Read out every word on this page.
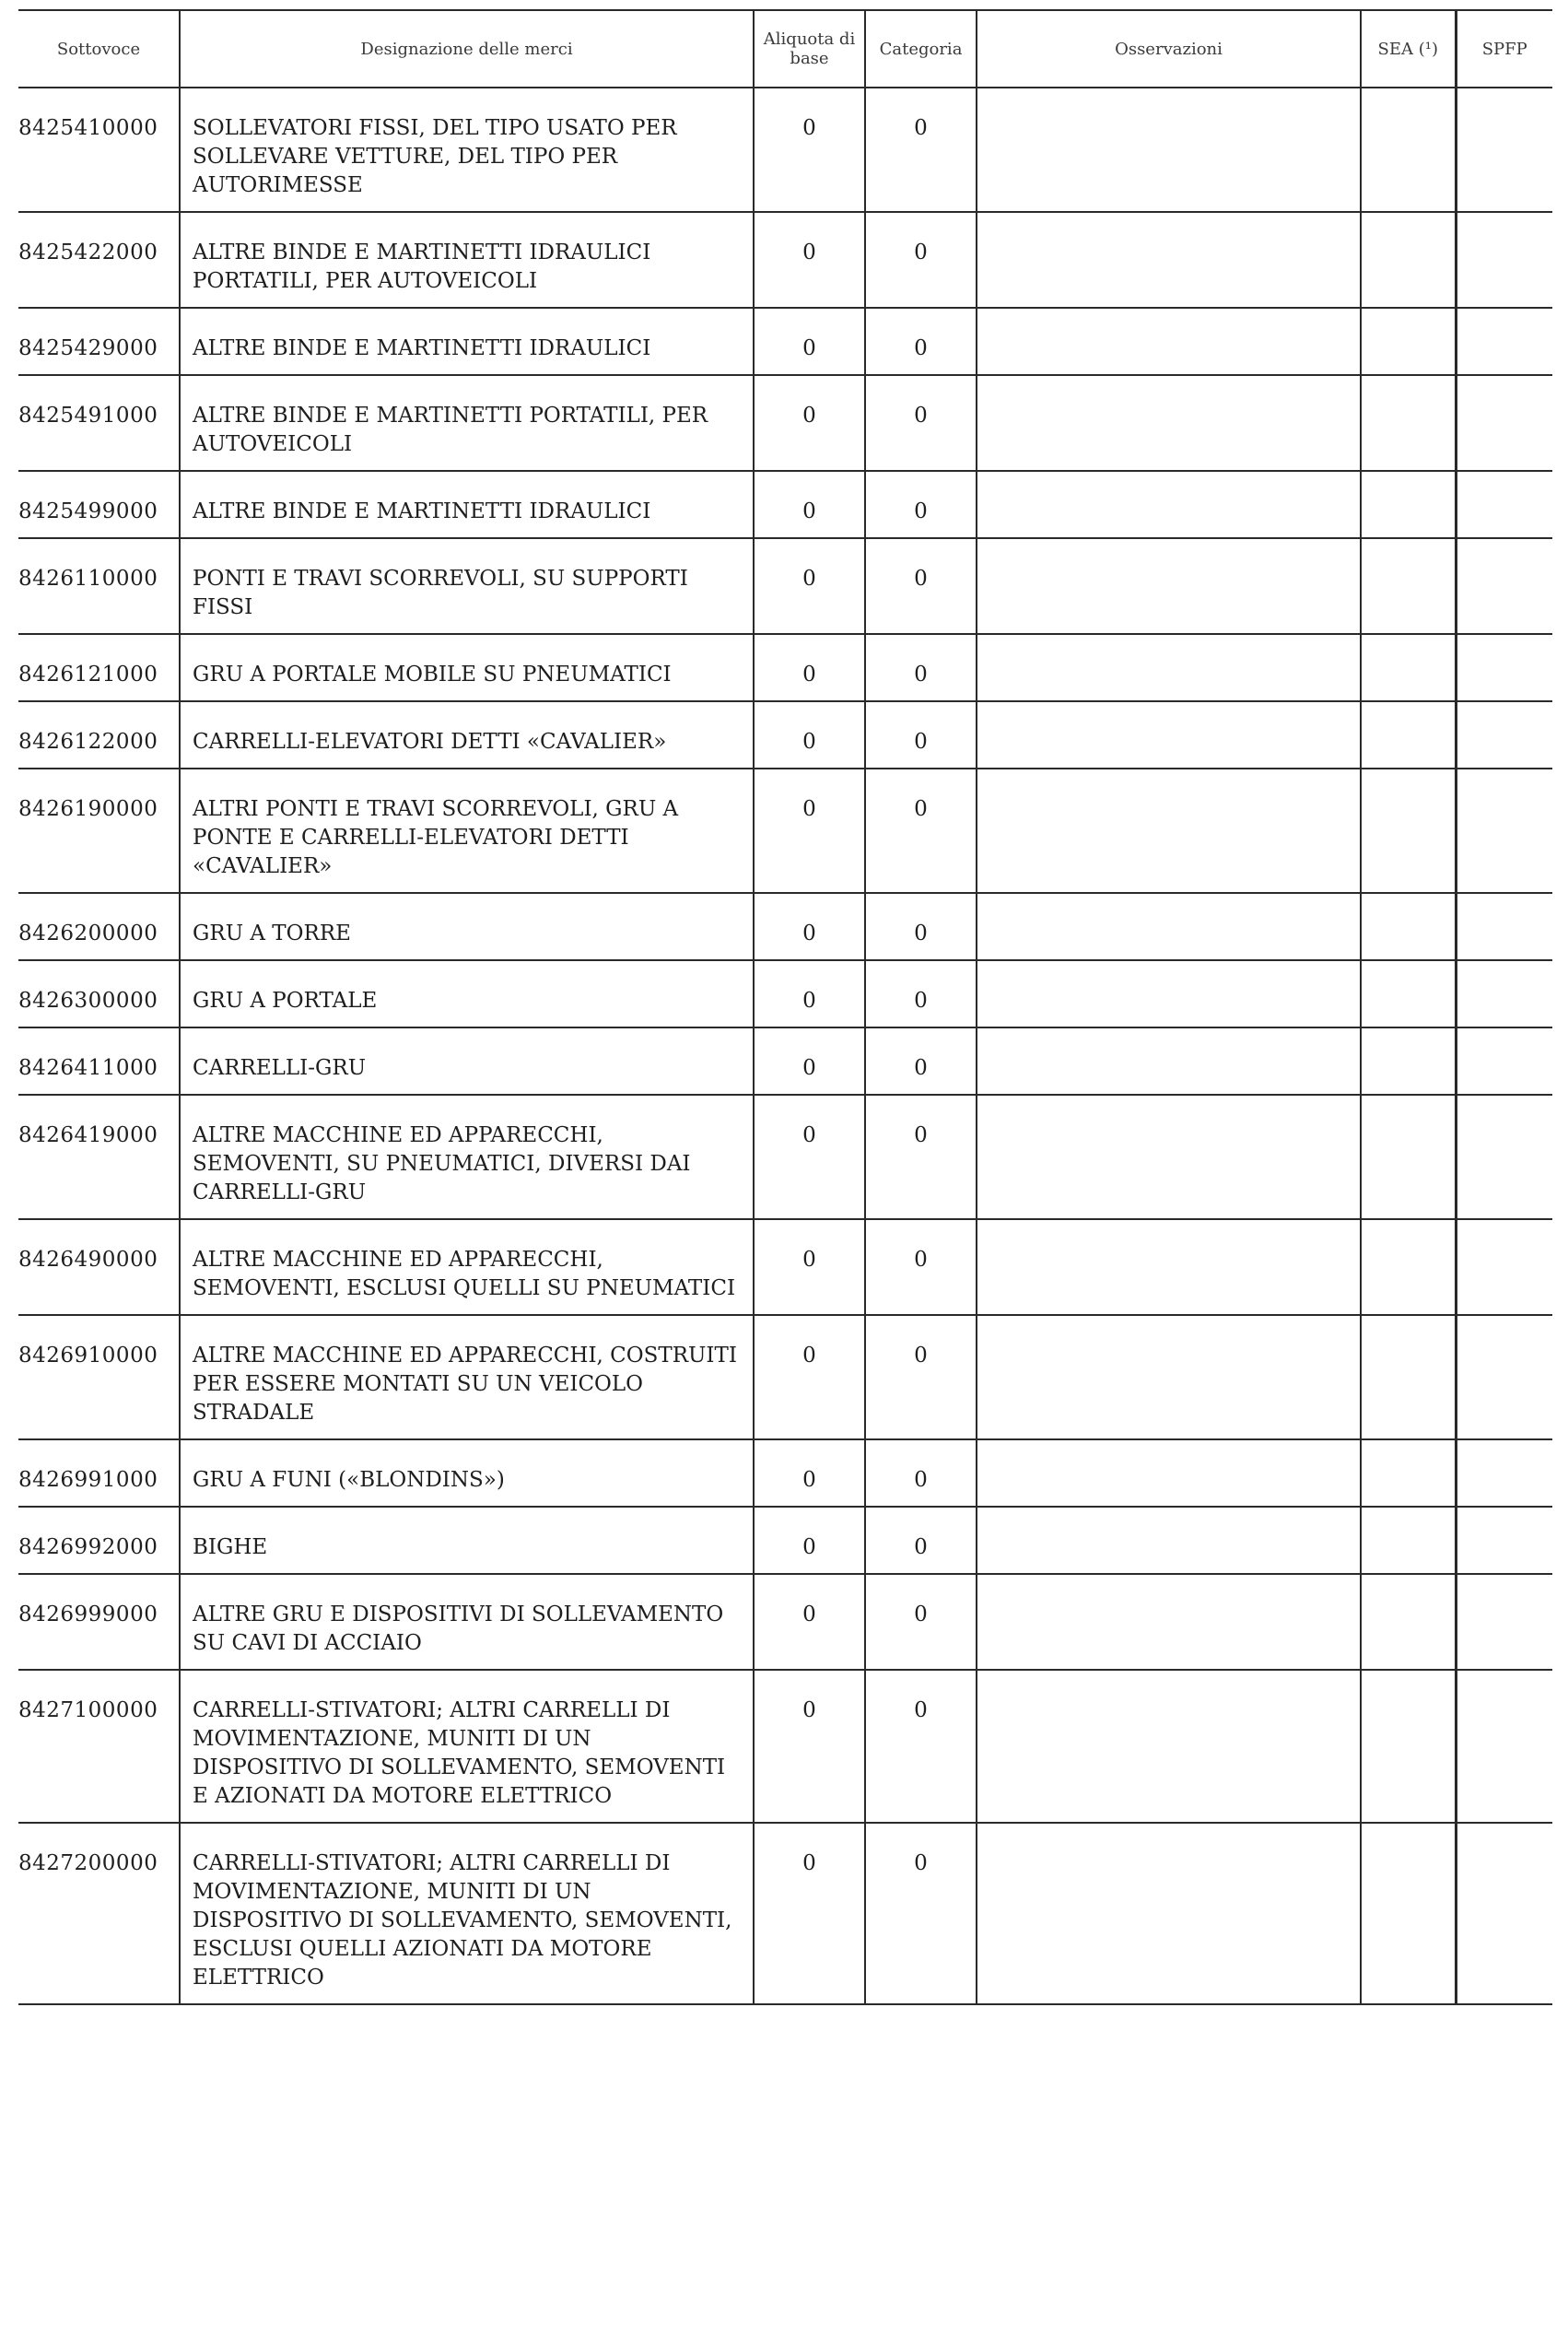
Sottovoce	Designazione delle merci	Aliquota di base	Categoria	Osservazioni	SEA (¹)	SPFP
8425410000	SOLLEVATORI FISSI, DEL TIPO USATO PER SOLLEVARE VETTURE, DEL TIPO PER AUTORIMESSE	0	0			
8425422000	ALTRE BINDE E MARTINETTI IDRAULICI PORTATILI, PER AUTOVEICOLI	0	0			
8425429000	ALTRE BINDE E MARTINETTI IDRAULICI	0	0			
8425491000	ALTRE BINDE E MARTINETTI PORTATILI, PER AUTOVEICOLI	0	0			
8425499000	ALTRE BINDE E MARTINETTI IDRAULICI	0	0			
8426110000	PONTI E TRAVI SCORREVOLI, SU SUPPORTI FISSI	0	0			
8426121000	GRU A PORTALE MOBILE SU PNEUMATICI	0	0			
8426122000	CARRELLI-ELEVATORI DETTI «CAVALIER»	0	0			
8426190000	ALTRI PONTI E TRAVI SCORREVOLI, GRU A PONTE E CARRELLI-ELEVATORI DETTI «CAVALIER»	0	0			
8426200000	GRU A TORRE	0	0			
8426300000	GRU A PORTALE	0	0			
8426411000	CARRELLI-GRU	0	0			
8426419000	ALTRE MACCHINE ED APPARECCHI, SEMOVENTI, SU PNEUMATICI, DIVERSI DAI CARRELLI-GRU	0	0			
8426490000	ALTRE MACCHINE ED APPARECCHI, SEMOVENTI, ESCLUSI QUELLI SU PNEUMATICI	0	0			
8426910000	ALTRE MACCHINE ED APPARECCHI, COSTRUITI PER ESSERE MONTATI SU UN VEICOLO STRADALE	0	0			
8426991000	GRU A FUNI («BLONDINS»)	0	0			
8426992000	BIGHE	0	0			
8426999000	ALTRE GRU E DISPOSITIVI DI SOLLEVAMENTO SU CAVI DI ACCIAIO	0	0			
8427100000	CARRELLI-STIVATORI; ALTRI CARRELLI DI MOVIMENTAZIONE, MUNITI DI UN DISPOSITIVO DI SOLLEVAMENTO, SEMOVENTI E AZIONATI DA MOTORE ELETTRICO	0	0			
8427200000	CARRELLI-STIVATORI; ALTRI CARRELLI DI MOVIMENTAZIONE, MUNITI DI UN DISPOSITIVO DI SOLLEVAMENTO, SEMOVENTI, ESCLUSI QUELLI AZIONATI DA MOTORE ELETTRICO	0	0			
